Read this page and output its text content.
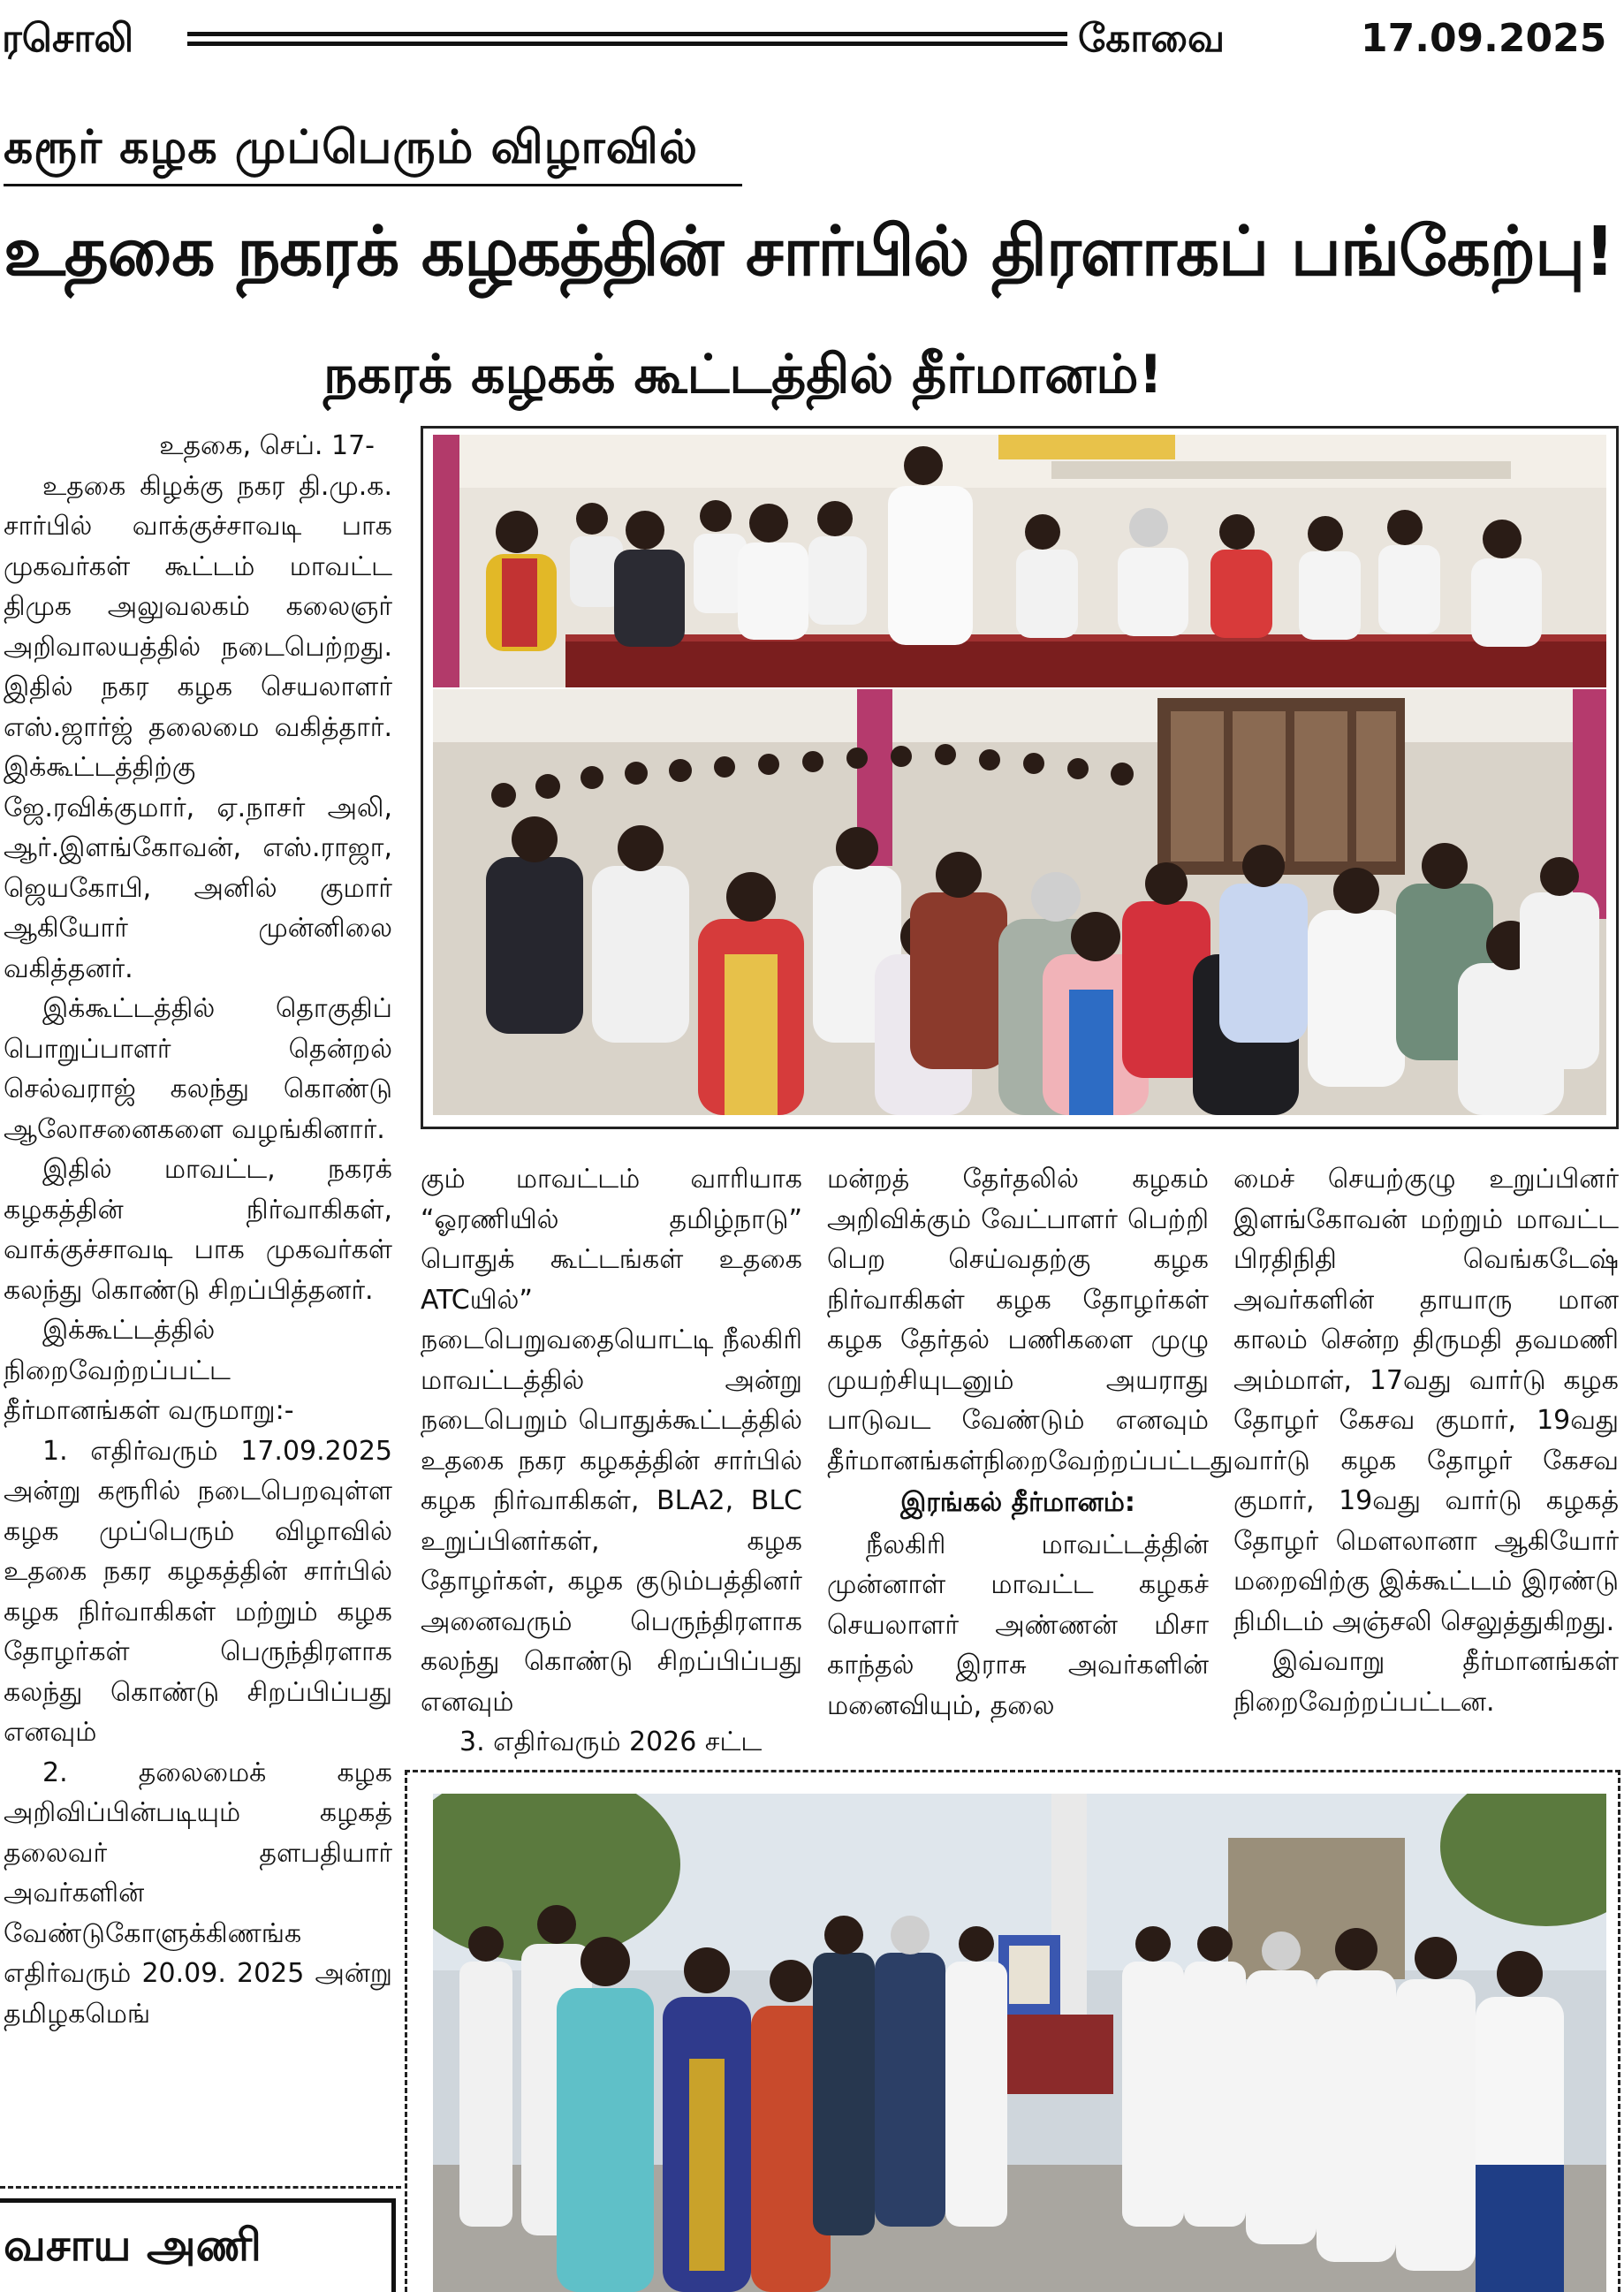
ரசொலி	கோவை	17.09.2025
கரூர் கழக முப்பெரும் விழாவில்
உதகை நகரக் கழகத்தின் சார்பில் திரளாகப் பங்கேற்பு!
நகரக் கழகக் கூட்டத்தில் தீர்மானம்!

உதகை, செப். 17-

உதகை கிழக்கு நகர தி.மு.க. சார்பில் வாக்குச்சாவடி பாக முகவர்கள் கூட்டம் மாவட்ட திமுக அலுவலகம் கலைஞர் அறிவாலயத்தில் நடைபெற்றது. இதில் நகர கழக செயலாளர் எஸ்.ஜார்ஜ் தலைமை வகித்தார். இக்கூட்டத்திற்கு ஜே.ரவிக்குமார், ஏ.நாசர் அலி, ஆர்.இளங்கோவன், எஸ்.ராஜா, ஜெயகோபி, அனில் குமார் ஆகியோர் முன்னிலை வகித்தனர்.

இக்கூட்டத்தில் தொகுதிப் பொறுப்பாளர் தென்றல் செல்வராஜ் கலந்து கொண்டு ஆலோசனைகளை வழங்கினார்.

இதில் மாவட்ட, நகரக் கழகத்தின் நிர்வாகிகள், வாக்குச்சாவடி பாக முகவர்கள் கலந்து கொண்டு சிறப்பித்தனர்.

இக்கூட்டத்தில் நிறைவேற்றப்பட்ட தீர்மானங்கள் வருமாறு:-

1. எதிர்வரும் 17.09.2025 அன்று கரூரில் நடைபெறவுள்ள கழக முப்பெரும் விழாவில் உதகை நகர கழகத்தின் சார்பில் கழக நிர்வாகிகள் மற்றும் கழக தோழர்கள் பெருந்திரளாக கலந்து கொண்டு சிறப்பிப்பது எனவும்

2. தலைமைக் கழக அறிவிப்பின்படியும் கழகத் தலைவர் தளபதியார் அவர்களின் வேண்டுகோளுக்கிணங்க எதிர்வரும் 20.09. 2025 அன்று தமிழகமெங்

கும் மாவட்டம் வாரியாக “ஓரணியில் தமிழ்நாடு” பொதுக் கூட்டங்கள் உதகை ATCயில்” நடைபெறுவதையொட்டி நீலகிரி மாவட்டத்தில் அன்று நடைபெறும் பொதுக்கூட்டத்தில் உதகை நகர கழகத்தின் சார்பில் கழக நிர்வாகிகள், BLA2, BLC உறுப்பினர்கள், கழக தோழர்கள், கழக குடும்பத்தினர் அனைவரும் பெருந்திரளாக கலந்து கொண்டு சிறப்பிப்பது எனவும்

3. எதிர்வரும் 2026 சட்ட

மன்றத் தேர்தலில் கழகம் அறிவிக்கும் வேட்பாளர் பெற்றி பெற செய்வதற்கு கழக நிர்வாகிகள் கழக தோழர்கள் கழக தேர்தல் பணிகளை முழு முயற்சியுடனும் அயராது பாடுவட வேண்டும் எனவும் தீர்மானங்கள்நிறைவேற்றப்பட்டது

இரங்கல் தீர்மானம்:

நீலகிரி மாவட்டத்தின் முன்னாள் மாவட்ட கழகச் செயலாளர் அண்ணன் மிசா காந்தல் இராசு அவர்களின் மனைவியும், தலை

மைச் செயற்குழு உறுப்பினர் இளங்கோவன் மற்றும் மாவட்ட பிரதிநிதி வெங்கடேஷ் அவர்களின் தாயாரு மான காலம் சென்ற திருமதி தவமணி அம்மாள், 17வது வார்டு கழக தோழர் கேசவ குமார், 19வது வார்டு கழக தோழர் கேசவ குமார், 19வது வார்டு கழகத் தோழர் மௌலானா ஆகியோர் மறைவிற்கு இக்கூட்டம் இரண்டு நிமிடம் அஞ்சலி செலுத்துகிறது.

இவ்வாறு தீர்மானங்கள் நிறைவேற்றப்பட்டன.

வசாய அணி
